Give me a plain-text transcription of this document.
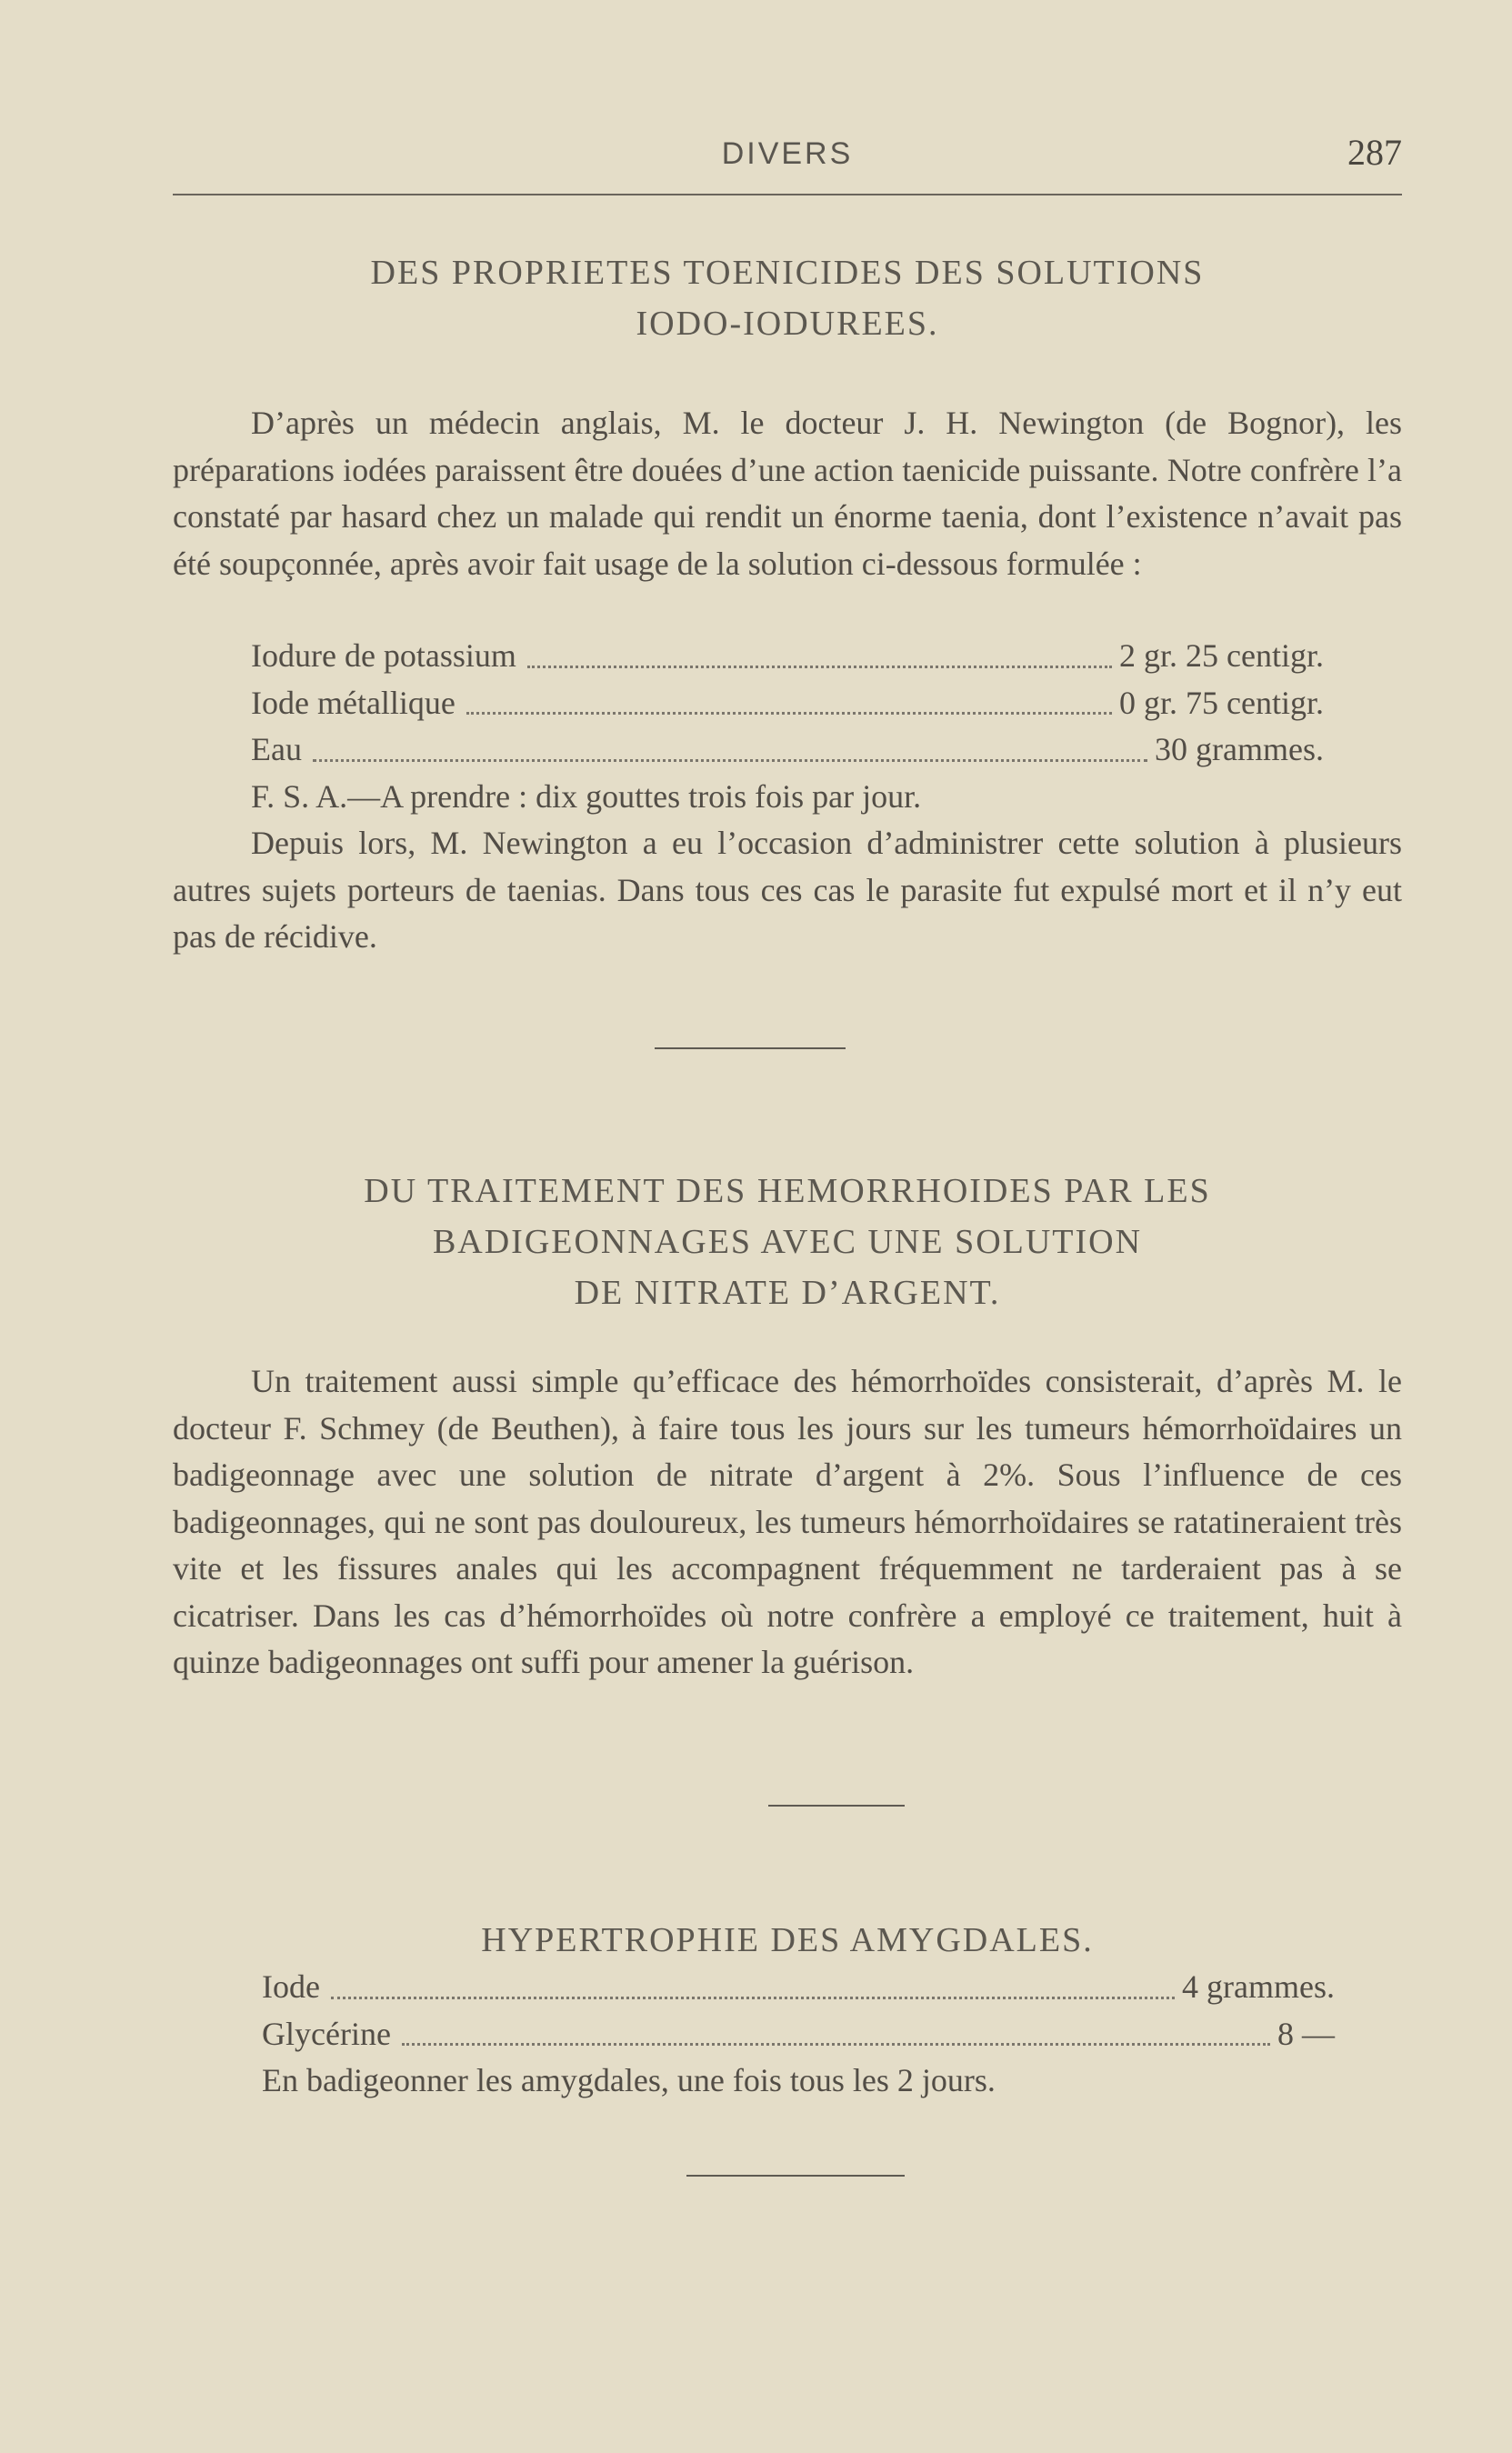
DIVERS	287
DES PROPRIETES TOENICIDES DES SOLUTIONS
IODO-IODUREES.

D’après un médecin anglais, M. le docteur J. H. Newington (de Bognor), les préparations iodées paraissent être douées d’une action taenicide puissante. Notre confrère l’a constaté par hasard chez un malade qui rendit un énorme taenia, dont l’existence n’avait pas été soupçonnée, après avoir fait usage de la solution ci-dessous formulée :

Iodure de potassium	2 gr. 25 centigr.
Iode métallique	0 gr. 75 centigr.
Eau	30 grammes.

F. S. A.—A prendre : dix gouttes trois fois par jour.

Depuis lors, M. Newington a eu l’occasion d’administrer cette solution à plusieurs autres sujets porteurs de taenias. Dans tous ces cas le parasite fut expulsé mort et il n’y eut pas de récidive.

DU TRAITEMENT DES HEMORRHOIDES PAR LES
BADIGEONNAGES AVEC UNE SOLUTION
DE NITRATE D’ARGENT.

Un traitement aussi simple qu’efficace des hémorrhoïdes consisterait, d’après M. le docteur F. Schmey (de Beuthen), à faire tous les jours sur les tumeurs hémorrhoïdaires un badigeonnage avec une solution de nitrate d’argent à 2%. Sous l’influence de ces badigeonnages, qui ne sont pas douloureux, les tumeurs hémorrhoïdaires se ratatineraient très vite et les fissures anales qui les accompagnent fréquemment ne tarderaient pas à se cicatriser. Dans les cas d’hémorrhoïdes où notre confrère a employé ce traitement, huit à quinze badigeonnages ont suffi pour amener la guérison.

HYPERTROPHIE DES AMYGDALES.
Iode	4 grammes.
Glycérine	8 —

En badigeonner les amygdales, une fois tous les 2 jours.
